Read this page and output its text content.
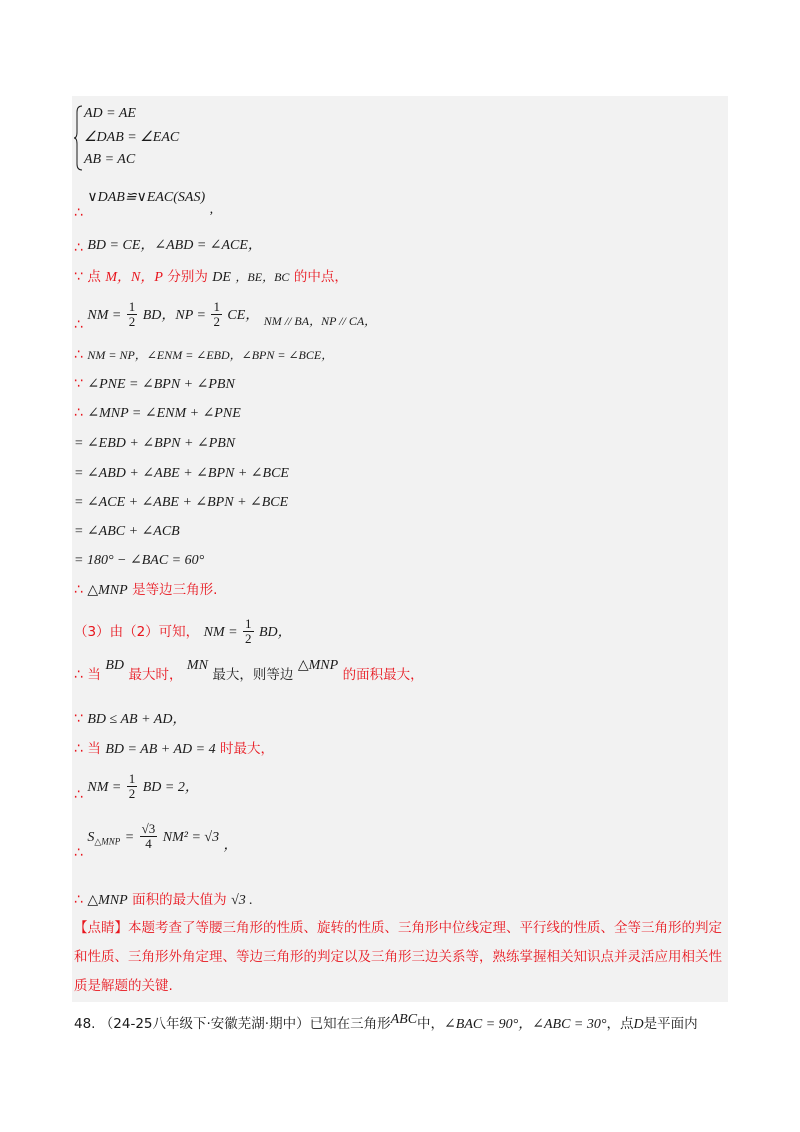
AD = AE
∠DAB = ∠EAC
AB = AC
∴ ∨DAB≌∨EAC(SAS) ,
∴ BD = CE，∠ABD = ∠ACE，
∵ 点 M，N，P 分别为 DE ，BE，BC 的中点，
∴ NM = $\frac{1}{2}$ BD，NP = $\frac{1}{2}$ CE， NM // BA，NP // CA，
∴ NM = NP，∠ENM = ∠EBD，∠BPN = ∠BCE，
∵ ∠PNE = ∠BPN + ∠PBN
∴ ∠MNP = ∠ENM + ∠PNE
= ∠EBD + ∠BPN + ∠PBN
= ∠ABD + ∠ABE + ∠BPN + ∠BCE
= ∠ACE + ∠ABE + ∠BPN + ∠BCE
= ∠ABC + ∠ACB
= 180° − ∠BAC = 60°
∴ △MNP 是等边三角形.
（3）由（2）可知， NM = $\frac{1}{2}$ BD，
∴ 当 BD 最大时， MN 最大，则等边 △MNP 的面积最大，
∵ BD ≤ AB + AD，
∴ 当 BD = AB + AD = 4 时最大，
∴ NM = $\frac{1}{2}$ BD = 2，
∴ $S_{\triangle MNP} = \frac{√3}{4} NM^2 = √3$ ，
∴ △MNP 面积的最大值为 √3 .
【点睛】本题考查了等腰三角形的性质、旋转的性质、三角形中位线定理、平行线的性质、全等三角形的判定和性质、三角形外角定理、等边三角形的判定以及三角形三边关系等，熟练掌握相关知识点并灵活应用相关性质是解题的关键.
48. （24-25八年级下·安徽芜湖·期中）已知在三角形ABC中，∠BAC = 90°，∠ABC = 30°，点D是平面内
